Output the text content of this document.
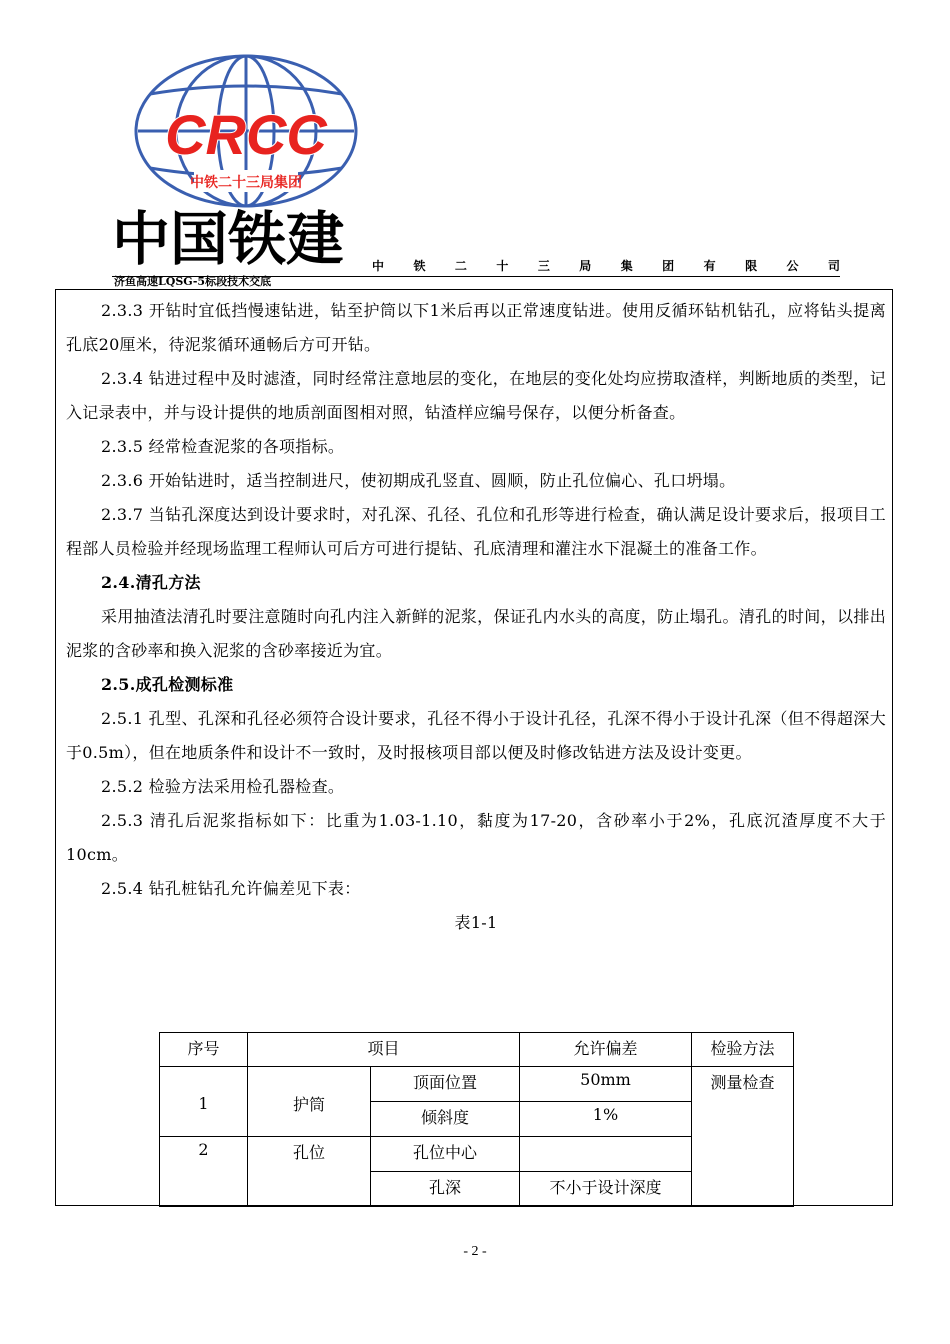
CRCC
中铁二十三局集团
中国铁建 中 铁 二 十 三 局 集 团 有 限 公 司
济鱼高速LQSG-5标段技术交底

2.3.3 开钻时宜低挡慢速钻进，钻至护筒以下1米后再以正常速度钻进。使用反循环钻机钻孔，应将钻头提离孔底20厘米，待泥浆循环通畅后方可开钻。

2.3.4 钻进过程中及时滤渣，同时经常注意地层的变化，在地层的变化处均应捞取渣样，判断地质的类型，记入记录表中，并与设计提供的地质剖面图相对照，钻渣样应编号保存，以便分析备查。

2.3.5 经常检查泥浆的各项指标。

2.3.6 开始钻进时，适当控制进尺，使初期成孔竖直、圆顺，防止孔位偏心、孔口坍塌。

2.3.7 当钻孔深度达到设计要求时，对孔深、孔径、孔位和孔形等进行检查，确认满足设计要求后，报项目工程部人员检验并经现场监理工程师认可后方可进行提钻、孔底清理和灌注水下混凝土的准备工作。

2.4.清孔方法

采用抽渣法清孔时要注意随时向孔内注入新鲜的泥浆，保证孔内水头的高度，防止塌孔。清孔的时间，以排出泥浆的含砂率和换入泥浆的含砂率接近为宜。

2.5.成孔检测标准

2.5.1 孔型、孔深和孔径必须符合设计要求，孔径不得小于设计孔径，孔深不得小于设计孔深（但不得超深大于0.5m），但在地质条件和设计不一致时，及时报核项目部以便及时修改钻进方法及设计变更。

2.5.2 检验方法采用检孔器检查。

2.5.3 清孔后泥浆指标如下：比重为1.03-1.10，黏度为17-20，含砂率小于2%，孔底沉渣厚度不大于10cm。

2.5.4 钻孔桩钻孔允许偏差见下表：

表1-1

序号	项目		允许偏差	检验方法
1	护筒	顶面位置	50mm	测量检查
		倾斜度	1%	
2	孔位	孔位中心		
		孔深	不小于设计深度	
- 2 -
